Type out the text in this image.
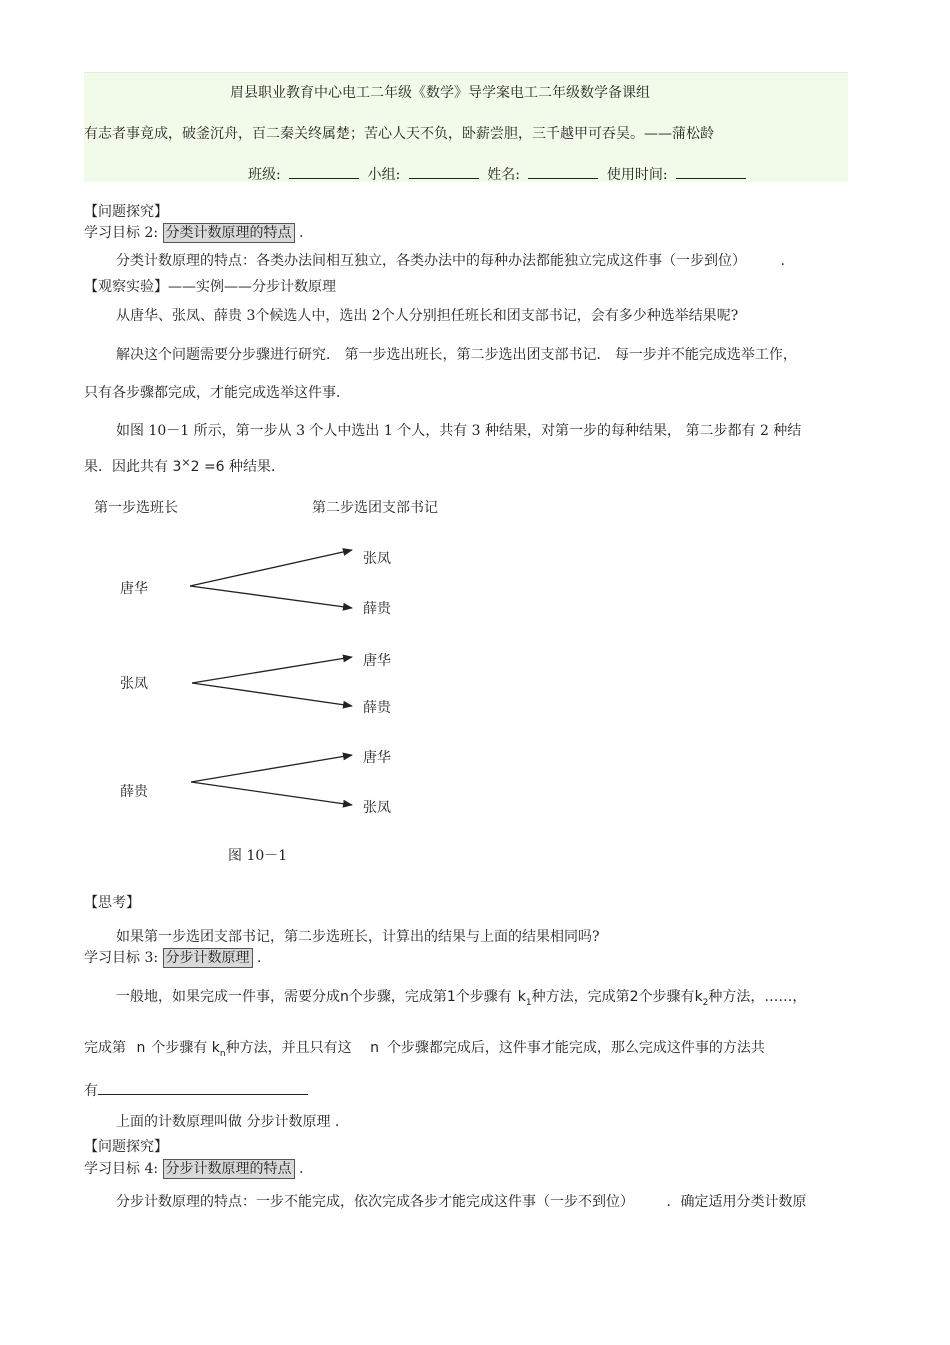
眉县职业教育中心电工二年级《数学》导学案电工二年级数学备课组
有志者事竟成，破釜沉舟，百二秦关终属楚；苦心人天不负，卧薪尝胆，三千越甲可吞吴。——蒲松龄
班级:	小组:	姓名:	使用时间:
【问题探究】
学习目标 2: 分类计数原理的特点 .
分类计数原理的特点：各类办法间相互独立，各类办法中的每种办法都能独立完成这件事（一步到位） .
【观察实验】——实例——分步计数原理
从唐华、张凤、薛贵 3个候选人中，选出 2个人分别担任班长和团支部书记，会有多少种选举结果呢?
解决这个问题需要分步骤进行研究． 第一步选出班长，第二步选出团支部书记． 每一步并不能完成选举工作，
只有各步骤都完成，才能完成选举这件事．
如图 10－1 所示，第一步从 3 个人中选出 1 个人，共有 3 种结果，对第一步的每种结果， 第二步都有 2 种结
果．因此共有 3×2 =6 种结果．
第一步选班长	第二步选团支部书记
唐华
张凤
薛贵
张凤
唐华
薛贵
薛贵
唐华
张凤
图 10－1
【思考】
如果第一步选团支部书记，第二步选班长，计算出的结果与上面的结果相同吗?
学习目标 3: 分步计数原理 .
一般地，如果完成一件事，需要分成n个步骤，完成第1个步骤有 $k_1$种方法，完成第2个步骤有$k_2$种方法，……，
完成第 n 个步骤有 $k_n$种方法，并且只有这 n 个步骤都完成后，这件事才能完成，那么完成这件事的方法共
有
上面的计数原理叫做 分步计数原理 .
【问题探究】
学习目标 4: 分步计数原理的特点 .
分步计数原理的特点：一步不能完成，依次完成各步才能完成这件事（一步不到位） ．确定适用分类计数原
